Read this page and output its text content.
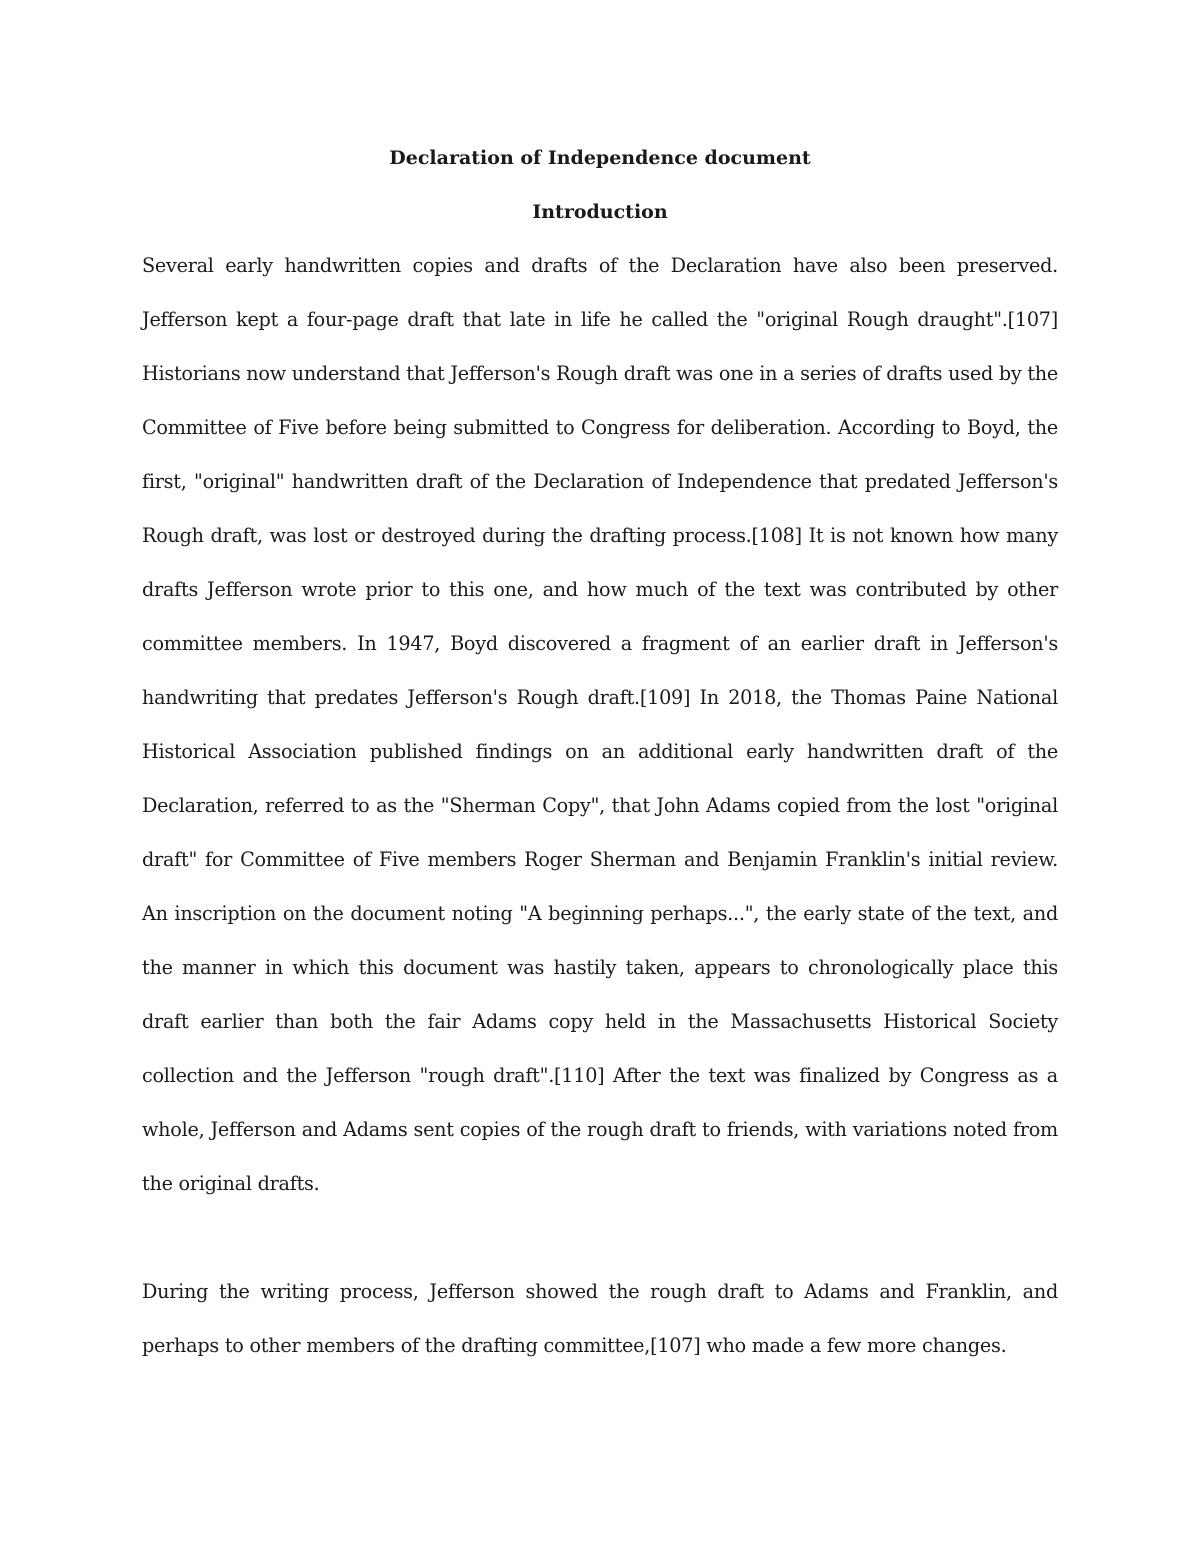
Declaration of Independence document
Introduction

Several early handwritten copies and drafts of the Declaration have also been preserved. Jefferson kept a four-page draft that late in life he called the "original Rough draught".[107] Historians now understand that Jefferson's Rough draft was one in a series of drafts used by the Committee of Five before being submitted to Congress for deliberation. According to Boyd, the first, "original" handwritten draft of the Declaration of Independence that predated Jefferson's Rough draft, was lost or destroyed during the drafting process.[108] It is not known how many drafts Jefferson wrote prior to this one, and how much of the text was contributed by other committee members. In 1947, Boyd discovered a fragment of an earlier draft in Jefferson's handwriting that predates Jefferson's Rough draft.[109] In 2018, the Thomas Paine National Historical Association published findings on an additional early handwritten draft of the Declaration, referred to as the "Sherman Copy", that John Adams copied from the lost "original draft" for Committee of Five members Roger Sherman and Benjamin Franklin's initial review. An inscription on the document noting "A beginning perhaps...", the early state of the text, and the manner in which this document was hastily taken, appears to chronologically place this draft earlier than both the fair Adams copy held in the Massachusetts Historical Society collection and the Jefferson "rough draft".[110] After the text was finalized by Congress as a whole, Jefferson and Adams sent copies of the rough draft to friends, with variations noted from the original drafts.

During the writing process, Jefferson showed the rough draft to Adams and Franklin, and perhaps to other members of the drafting committee,[107] who made a few more changes.
